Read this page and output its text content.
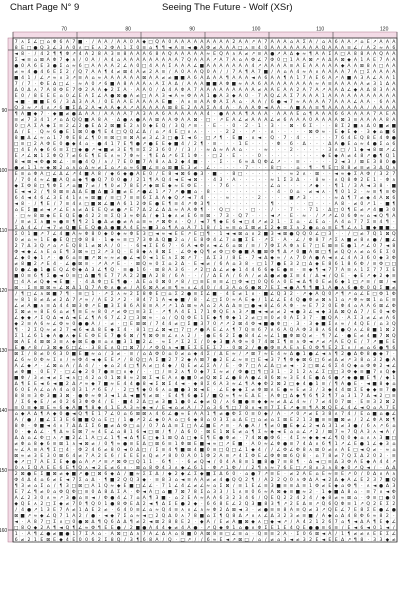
Chart Page N° 9	Seeing The Future - Wolf (XSr)
7 ∧ Σ ∠ □ ⌂ Φ 6 A 7 ■ · / A A / A A 0 A ◆ □ Q A 0 A A A A A A A A A 2 A A ↗ A 7 A A A ⌂ A Σ A / ⌂ A 6 A A ↗ ⌂ Ε ↗ A A A
8 Ε □ ● Q 3 ∠ 3 A 0 ∧ □ E ∧ 2 Φ A 1 Σ 0 ≡ ⌂ ¶ ¶ ◄ A ≡ ◄ ● A Φ ≠ A A A □ ∧ ≡ 4 0 A A A A A A A A Q A A A ≡ ∠ / A 2 ≈ A 6
◄ 8 · / 4 2 ¶ ¶ Φ ↗ 4 A 2 8 A 3 ≡ 8 A A A 6 8 A Q A A A A A ≈ Ε Q A ∧ A ≠ ↗ ≡ A ● ↗ A Δ ◆ ≈ ¶ A A Σ A □ A 8 8 A A Q A A
Σ ◄ ≡ ⌂ ⊠ A Φ 7 ◆ ∧ / 0 A / A 4 ⌂ A A A A A A A A A 7 Q A A A ↗ A 7 A ⌂ A Φ ∠ 7 Φ 0 □ 1 A A ⊠ ↗ A Δ A ⊠ ◆ A 1 A E 7 A A
● 0 A 6 E 3 ● Σ ⌂ ≈ 6 □ A A A A 2 ∠ A 0 □ 4 A A Σ A A A ∠ ■ A A A A A A A 4 ↗ A A A A ≡ A Ε A A A A A ◆ A A ⊠ 8 A □ A A
≠ ≈ 4 ● 4 6 Ε Σ 2 / Q 7 A A ¶ 4 ≠ ⊠ 4 A ≠ 2 A ≡ / A 0 A A Q 0 A / / 7 A ¶ A 7 ■ / A ⌂ A 4 ≈ A ∧ A A A A 7 A □ Σ A A A A
■ 4 1 / ∠ ↗ ≈ ∧ 3 ↗ ≡ A ⌂ ≈ A A A A A A ⊠ A A ≠ ≠ ■ ■ A 6 A Δ A A ¶ A A A ◄ A 6 A A ¶ A 1 7 A Ε 6 A ↗ A ■ A 3 A ∠ A A 1
7 / 7 · Φ E Δ □ ∠ · ≈ A 0 ↗ 6 ■ A 8 A A A ∧ A Σ A Δ / A A A ■ ■ A Φ ■ ≈ A A 6 A A A A A A A A ≈ A ≡ A A A A A ≠ 3 1 Δ A
Δ 0 Δ ∧ 7 A 8 Φ E 7 Φ 2 A A ◆ 2 Σ A · A A 0 / Δ 4 A Φ A 7 A A A A A A A A A ≠ A A Ε A A 2 A 7 A ↗ A A Δ ∠ ◆ A Δ 8 3 A A
Ε 0 / 8 E Ε Ε ⌂ 0 ∠ E A Σ ∠ A ● ⊠ ● A ≠ □ A A 3 ◄ A ≈ Φ A A 1 ● A 3 ◆ A 0 · 7 A Q ∠ A Σ 7 A A A 1 A A A A A A A A A A A
◄ ■ · ■ ■ E 6 / 3 Δ 3 A A / 0 E A A Ε A A A A E ■ · A ∧ ≡ A A Φ A Σ A ⌂ · A A / 6 ● ◄ 7 ≈ A A A A 7 A A A ∠ A A · 6 A A
Q 3 ≈ ↗ 4 ∧ ↗ 6 ■ Σ Δ 2 A ◄ A A ◆ A ↗ A A A A A ⊠ 8 E 2 A A Σ A 4 A · A A A Φ ◄ A A · A ■ A A ≡ ¶ A A A A A A / A A A A
¶ A ■ ◆ 7 · ◆ ■ ≠ ● Δ A A / A A A A 7 A 3 A A 6 A A A A A A 4 · ● A A A ¶ A A A · A A A E ⌂ ¶ A A A 6 6 A A A A 7 A Ε A
≡ ≠ 7 3 4 1 ↗ ⌂ Δ Q Q ■ A 8 A · Δ ● ∧ ● A A ⊠ A A Φ A A ⊠ · □ · ↗ Ε A ∠ ≠ A A A ∠ ≠ 6 A A A 0 A A A A ⊠ 3 ≡ A A A A 8 A
0 □ A Σ A ◆ Σ ≡ 2 ∠ 2 ● Ε Δ 2 ⊠ ■ E 2 ∧ 0 ◆ E Q / 3 Q ↗ ≡ · · Ε · · 0 · 2 · 1 · 3 · · ⊠ · 6 Σ · · · 8 Σ 2 ■ ∧ Δ 0 ■ ≠ ■
Δ / Ε · Q ≈ 6 ● Ε 1 ⊠ 0 ● ¶ E 4 □ Q Q ∠ Δ / ⌂ ↗ 4 Ε □ ∧ ∧ · · · · 2 2 · · ↗ · · ∧ · · · · · ⊠ Φ ≈ · Ε ◆ Ε ◆ · 3 ◆ ⌂ ■ 6
8 ■ Δ ∠ ≈ ⌂ 1 7 Φ E 8 ∠ ¶ 0 ≡ ⊠ □ ≡ ⊠ A ≠ 3 ∠ 3 □ ● Σ ◄ 6 · □ ↗ ¶ · Ε ■ · ∧ ◄ · Q · 7 · 4 · · · · · 7 6 4 E Q 8 Ε 4 Φ ●
□ ≡ □ 2 A Φ Ε 0 ● ◆ 4 ⌂ · ● 4 1 7 E ¶ ● ↗ ● E Ε ◆ ■ 4 / 2 ¶ · ≡ · · · 1 E · · · · Φ · 6 · Δ · · · Δ A ● Ε ⌂ ≈ 4 ● Σ ⌂ 6
□ 4 Ε A ◆ 6 6 ≡ Σ □ ◆ ● ↗ ◄ ■ ≠ 3 E ¶ ≡ Σ 2 3 6 0 / / 3 / · ≈ Δ ≈ A A ⌂ · · · ≈ · · · 2 · · · · · 3 ∧ □ / 1 ◆ ◄ 8 ⊠ ↗ ∠
E ↗ ∠ ⊠ 1 Σ Φ Q 7 ≠ 6 E ¶ Ε E ∧ ≈ 7 Φ ≈ · ¶ E Δ ↗ 6 Σ 1 Φ · · □ 2 · E · · · 0 · · · · · · · · · ◆ E ◆ A ≠ 4 8 ↗ ● ¶ Q 1
8 ◄ ⊠ ◄ Φ ● ⊠ ∠ · ≡ ● 4 Q / ∧ / 7 Ε 0 ■ 7 A 8 ∧ Δ 2 ◆ 4 ■ · · · Σ · · 6 ≈ Δ Q Φ ∠ ↗ · · ≡ · · · · · 2 ◄ 3 / ⊠ Ε 3 8 0 ●
● ≠ 1 1 ≈ ◆ ⊠ 2 ⌂ ∧ ⌂ Δ ≈ ≠ Σ ⌂ ↗ ⌂ ≈ 6 ■ ∠ ≡ ⌂ ⊠ ■ E 3 ≠ · ∠ · · · · · 7 · · · 8 □ · · ⌂ · ¶ · ¶ Ε □ 8 8 ≠ ≡ ≠ 3 Δ Q ∧
Ε ≡ ⌂ Φ A □ ∠ Δ ∠ ↗ 4 ■ A 8 / ◆ 6 ◆ ● A E 0 / E 8 ◄ ⊠ 6 ● 3 · ■ · · 8 □ · · · · · · · ≈ 2 ∧ · ⊠ · · ◄ ≈ ◆ Σ A Φ / 3 2 7
/ 7 0 4 ≈ ∠ ■ A Q ⌂ ◆ ¶ ● Q 7 0 0 ● / 2 1 ¶ A Q 4 ◄ E ◄ ⊠ · · 4 3 · A · · · · · ≈ 1 Σ 3 Δ · · 8 ≈ · ∧ Q 8 Φ 2 Ε 1 · Φ ∧
◆ Σ Φ 8 □ ¶ Φ Σ ↗ ⌂ ■ 7 ≠ / ¶ 0 ≠ 7 8 Ε ↗ ◆ ⊠ E ◆ ≈ Ε Φ E · · · 7 6 · · · · · · ∠ ⌂ · · · · ↗ ◆ · · ¶ 1 / 3 A ◄ 3 8 · ■
E ◄ ◄ 2 / ¶ 8 ⊠ ≡ Δ Δ E ■ Δ ■ 3 ■ ≠ Ε ↗ ● ∠ 1 ↗ 7 ↗ ● ■ ⌂ · 8 · · · · · · · · · · 4 · 0 ⌂ · ≠ ◄ ∧ · ¶ 0 1 2 · ≈ ≡ ¶ ≡ Φ
6 4 ◄ 4 6 ∠ 3 Ε 4 1 ∧ ≈ ⊠ ■ / ≡ □ 7 ≡ ≡ 6 Σ Δ A ◆ Q ↗ ◄ 7 4 · · · ≈ · · · · 2 · · · · ■ ↗ 3 · · · · ≈ Δ ¶ 7 ≠ ◆ 4 A ⊠ 6
◄ 8 · / ¶ Ε / 7 ≡ 4 ∧ □ ■ ⊠ ∠ ■ A 6 1 2 Φ Ε ● Ε ¶ ≡ 4 ↗ Φ 3 ¶ · · · · · · · · · ¶ · · · · · □ · · · A 8 · ≠ 0 ↗ 1 · ■ ¶
⌂ Ε Σ ■ ≠ ◄ ↗ ∠ E ∧ ≠ Δ E Ε Q ≠ ● ↗ E 7 Δ 2 ∠ Δ Δ ≈ A A Φ ¶ · · Q □ · · · □ · · / · · 7 · · 7 1 · Δ □ 0 ¶ Ε ≠ ↗ 4 ■ 3 0
· □ ≈ 8 ⊠ ◆ E Ε Q Ε ● 4 2 2 ≡ Σ Q 3 ≈ Φ Δ / ◆ 1 ◆ ∧ ≠ Ε 6 ≡ ⊠ · 7 3 · Q 7 · · · ◄ ↗ · Ε · ≈ · / ↗ ↗ ∠ 0 6 Φ ≈ ⌂ ◄ Q ¶ A
/ ≡ ≠ Σ ∧ ■ ≈ ● ≡ ¶ ¶ 2 1 ● Δ ≠ ● ≠ A ⌂ ≡ ≈ ↗ ⊠ Φ ∧ · Q / ◄ 7 ¶ ◆ Ε 6 ◄ □ 4 ↗ ≠ 2 1 · Σ ⌂ · ∠ Ε ⌂ · A 4 ⌂ 7 7 Σ ≡ 4 ¶ ·
Σ Δ 4 ∠ / ◄ 7 ≠ Q ■ E Ε Q ● Δ ● ■ A 4 Ε ≈ ■ 3 ⌂ ¶ A ⌂ A 7 1 8 / 1 ≈ ≡ ⌂ Σ ⊠ ≠ Σ 2 ◆ ⊠ Σ ∧ 2 ● ⌂ ⌂ ≡ Ε ¶ ∠ ∧ 1 ■ ◆ ■ ■ ·
Σ 0 1 ■ ↗ 7 ∠ 4 ■ A ≈ Φ 8 0 ◆ 0 ◆ ≈ Φ Ε 3 □ ◄ ≈ ◄ Ε Ε ↗ Ε □ ¶ · 1 ◄ ◄ ⊠ ⌂ ∧ 2 ■ 3 ◄ ⊠ ● Q Q 0 ∠ □ 3 · · / □ ≠ 7 Q 1 ⊠ Q
0 ≠ ⌂ ≈ 1 Ε ● Ε Q □ Φ 8 8 · 1 ◆ ≈ ≡ □ 7 3 Φ Δ Q ■ 2 ⌂ / Ε 8 Φ 4 ∠ 7 ⌂ ■ Σ Ε · ↗ Σ · A · ∠ / Φ 8 7 ↗ Σ ∧ ■ ≠ 8 ∧ ● / ■ ∠
2 7 Δ 3 Q ↗ ⌂ ↗ Ε Q 8 1 ≠ ⊠ A / 0 · · 6 ◄ Σ E 6 7 · 6 A ◄ Φ ∧ ◄ ∠ 6 ⌂ ⊠ / ≡ / 7 Φ Σ A Φ ∧ E 7 □ Ε ⊠ ≡ E ● 1 ↗ ∠ 0 7 ◄ 8
Φ ◄ ◆ ∠ ∧ Ε ⌂ Ε ¶ 3 ⊠ ≈ □ 2 ↗ 3 Q · E 8 ◆ ∧ 8 ⊠ Σ · ∠ Φ ◆ Q ¶ ≠ Φ □ Φ ● ■ A ■ ⊠ Φ ¶ Δ ↗ 0 ■ A ⊠ □ ¶ ≠ Q Q ∧ ≠ ⌂ 6 E Σ 0
∠ ◆ 0 ◆ 1 ↗ · ● 6 ⌂ ≡ ■ ↗ ⊠ ≈ ≈ ≠ ● ∠ ◄ 0 ◄ 1 E ∧ Σ ⊠ ↗ 7 · Δ Σ 3 / 8 Ε · 7 ◄ Δ ◆ ≈ / ∧ 7 0 A ● A ◄ ∧ ∠ 4 A 3 6 0 ◆ 3 Φ
≠ 8 ■ 2 ↗ E 4 · ∠ ● ⊠ ≡ · ↗ A ↗ Ε · · ⊠ Q ≈ 0 Σ ⌂ 2 Δ · E ◄ ≠ / 6 A ⌂ 3 8 · □ 1 7 ● Ε 3 2 □ Δ ◆ E 8 6 1 8 6 Φ / ≡ Φ □ □
0 ● ∠ ● 1 ● E Q ∠ Φ ◆ Δ 3 ∠ ¶ Q · ≡ ● 1 6 · ⊠ 8 A 3 6 · ↗ 2 □ Δ ∠ ≠ ◆ 1 4 4 6 6 ◆ Ε ● ≡ · ≡ ◆ ¶ ◄ 7 7 A ≡ ∧ 1 Σ 7 7 Σ E
■ 0 ≡ 6 ¶ Σ ● ◄ 0 ≡ □ Δ ■ ¶ E 7 7 A 2 2 ■ A 2 8 / 6 A · · / / Δ E A / 6 A / ≠ Δ ● ≠ ● Σ ≡ 4 / Δ ◄ / Q E · ◆ Ε ↗ ◆ 2 ◆ ≡
□ 4 A ≠ Q ◆ ◄ E ■ · · 4 Δ Φ □ E ¶ ● · Δ Ε ⌂ 0 ⊠ 0 ↗ 8 / □ ≡ Ε ≡ ≡ ∠ □ Φ ◄ □ 0 Q 6 ∧ 0 E ◄ Δ ¶ 0 Ε ≠ 6 ◆ 1 □ ↗ ≡ / ⊠ / ◄
⊠ · Σ ≡ ⊠ ⊠ ≈ ∠ ⊠ Δ 1 Q 7 A Φ ∧ ● ≠ / A 6 ⊠ A ≠ ≡ ¶ ≈ ∧ ∠ 4 0 / 4 3 A ⌂ 6 ● ⊠ 7 E Σ ◄ ● A ¶ ¶ ■ 1 A ● ∧ 6 ● Φ 0 Q Σ ■ ≠
/ ¶ □ ∠ ∧ ⊠ ■ 7 ¶ · ≡ □ 1 · ↗ Σ ∧ ≈ 2 Σ 8 Φ Ε □ ⌂ Σ 2 ● ≡ Σ ∠ ■ · 4 E ≠ 1 ∧ · ■ ∠ Q 3 2 · ↗ ◆ A Q 0 ↗ ¶ ↗ ⌂ ∠ Ε □ Φ 1 Φ
≈ 8 1 8 ≠ Δ ≠ 2 Δ 7 ↗ ≈ / A Ε 2 ↗ 2 · 8 4 7 1 A ◄ ◆ ■ / 8 · ∠ □ Σ 0 ≈ A Ε ◆ / 1 ∠ ∠ E 4 Q ● Φ ≠ ⊠ ∧ 1 ⌂ ↗ Φ ≈ ⊠ 1 ⌂ E ≡
∠ ≠ A ■ ∧ ≡ Δ 4 4 ⊠ 3 Φ ↗ E ■ 3 Σ 8 6 A 8 ≡ A ↗ ↗ 1 Δ ⊠ ≈ A ⌂ 2 A Δ Δ ≡ □ ● ◄ 8 ∠ 6 A Φ · ≈ Ε 7 2 0 Ε Φ 4 ⌂ A A 6 ⊠ ∠ Φ
Σ ⊠ ≠ ≈ 8 Ε 6 ⌂ ≠ ¶ ≡ Ε ≈ 8 0 ↗ ≠ Φ □ ≡ 3 Σ · ↗ ¶ A 4 Ε 1 7 1 Φ Q E ∧ 3 ↗ ■ ◄ ◄ ≠ ≠ 2 ◄ ● 3 ∠ ◄ ◆ 3 Δ ⊠ Q Δ 7 / Ε 0 ◄ Φ
∠ ◆ ◆ ↗ Σ Q Δ ◄ Δ ◄ E ∠ ¶ A 6 7 ∠ 2 □ 3 ⊠ ≈ · ⌂ / Q Q Φ Ε 1 Ε ◆ ¶ Φ ◆ 1 2 ≠ □ ≡ 0 ≠ 0 A Σ 3 7 · ■ Q A · A Σ 3 ≠ ∠ ≠ A 6
◆ 2 ≡ A 6 ≈ ∠ Φ ≈ 0 ● ● A / · ≠ · □ Ε ⊠ ⊠ / 7 4 4 ≠ □ Σ ■ 3 7 0 ↗ ↗ 2 ⊠ 4 Φ ◄ ■ ● Φ □ · 3 · 3 ◆ ■ Σ ∧ ≈ / 4 Q Ε / ⌂ 3 Q
¶ · 2 Σ Q ≈ ≠ 2 7 ◄ 6 ◄ Δ 8 E ◆ Σ 4 · 8 1 □ ∠ ⊠ ◄ □ 7 □ ↗ ● A Ε ∠ ∧ ¶ 7 Q ≡ 6 7 ∧ 6 A Q A Φ 3 8 ∧ 6 4 ● Q ∧ ∠ 8 ■ 1 ⊠ 2
Σ 1 ∠ 6 1 ◆ A ● ∧ ◆ Ε Ε Φ E E 7 ● 6 ⊠ / ¶ ⊠ Φ ≡ ∠ ∧ ∧ 2 / · ● Ε 6 2 Σ ● 8 4 ∠ ≈ ∠ 1 ■ Φ ⊠ Q ≠ · ¶ 7 ∠ · ● Ε ≠ 4 ■ 7 ⊠ Q
⊠ A Ε 4 ⊠ ⊠ 3 ≡ ∧ ◆ ⊠ E ● ≡ ⌂ ∧ ■ 3 1 ■ 2 ∠ · ≈ Σ ↗ Σ 2 Σ / 0 ◆ 3 ■ A Φ ≈ 0 7 4 ⊠ Σ ¶ ≡ ∧ Φ ◄ ↗ ≠ ↗ A Ε Q E / 7 ↗ ■ E E
Ε ● ↗ 8 / 3 ⊠ ◆ 6 □ ∠ · 3 8 E ∧ Q □ ⊠ 7 / ↗ Φ Q ∧ ◄ ■ E Σ E E Σ 7 · 0 ⊠ 2 / ● ● Φ ≡ A E ∧ E 0 Φ ¶ Ε 2 Σ ∧ / ≠ ⌂ 6 ● ¶ 6
⊠ Σ / 8 ≠ 0 6 3 0 ■ Ε ■ ≈ ⌂ / 3 ≠ · ≡ / ⌂ Δ Φ 0 ⌂ 0 ≠ ⌂ ◆ 4 Σ / Δ E ≈ / ↗ ⊠ 7 ≈ E 4 ≈ Δ ● 1 ● ∠ ◄ ∧ ¶ 2 ● Δ Φ 8 ● ◆ 7 ·
∠ 6 ≈ 0 Φ ≈ Σ ∧ / ≈ Φ 4 ◄ ◆ Ε Ε ↗ / 8 Q □ A Σ ■ 2 7 2 ◆ A ⊠ 7 ● 2 E ∠ ≈ ≡ □ Ε ◄ 3 7 ¶ Φ ◆ ⊠ 6 □ 6 ≠ Δ ≠ ↗ 3 8 ⌂ 3 2 ● A
A ∠ ◆ ↗ · ∠ ⊠ ⌂ A / Δ 4 / · ◆ ⌂ 2 4 □ ¶ A ≠ □ 4 ◆ / Q Ε ≠ ∠ Σ A / Ε · Φ 7 □ A ∠ Δ □ ≠ ◄ · 2 □ ⊠ ∠ 6 Σ 4 Q ◆ ⌂ Φ Φ 2 ◄ ∠
≠ Φ ■ · 0 E 7 · □ ∠ ◆ 2 0 7 ● ≡ □ ∧ ◆ / · · □ / ≡ 2 ∧ ¶ 0 ◆ 7 Σ ≈ ≠ / Φ ● □ ¶ □ 3 1 · 2 1 2 ∧ ∠ Σ □ □ 3 Φ ◆ ≡ ■ 7 ∧ Q ◆
■ Φ / 3 ≠ ◄ ≠ Σ ◄ ∧ □ 4 2 ⌂ 0 1 ⊠ 8 ≈ 2 ⊠ Σ ◄ E A ∧ ● ■ 0 ≠ Q ⊠ Σ ∠ ● 8 A ● ∠ 8 6 ⊠ ≈ 3 E 4 Ε ● Δ 6 ● ↗ ◆ ● ■ Ε ¶ / ◆ 1
Δ ¶ Ε Ε ◄ 6 ◄ ■ 2 Δ ↗ ≈ ◆ 7 ■ ≈ Ε 4 4 ● 8 ◄ Σ ⊠ Σ 4 ◄ · ◆ 8 Σ 6 A 3 ≈ ∠ ¶ A ◆ Φ 2 ⊠ 2 □ ◆ 4 ● 1 ≡ / ¶ A ● E · ◄ ■ 8 ◆ ⌂
6 0 Ε A ∠ ⌂ A 4 ⌂ 0 3 1 ↗ 6 E / · 2 □ ¶ ◆ 0 6 ∧ ⌂ ■ ● 3 ⊠ ◄ Ε · ∠ E ◆ ◆ Σ ≠ Φ ⊠ ∧ E ● ≈ E ≠ 3 / 3 ◆ 4 4 ⊠ Σ Ε ◆ ◆ ≡ 7 ●
8 8 ≡ 3 Φ 3 ■ 3 ⊠ · ● Φ ≈ Φ 3 ◄ 1 Δ ◄ ■ ¶ ≠ ⊠ · E 4 ¶ 6 ● Σ / ■ Q ≈ ¶ ≈ Ε Δ Ε · A Φ □ Δ ◆ ¶ 6 ¶ 2 ¶ 7 ⌂ 3 1 7 Δ ◄ 2 □ ≡
/ Σ 6 ◆ Ε / ≠ 0 2 6 3 Φ Φ 4 / E · ■ 4 2 Δ □ ≠ 3 ■ 1 ● 0 ∠ ◆ ≠ Q / ∧ 6 ■ ● ≡ ◆ ◆ ≈ ≠ Δ ∠ 4 ≈ / 7 ≠ 4 0 7 ⊠ · Ε ≡ 3 2 ⊠ 2
≡ 0 ≡ ◆ ⊠ Ε ≈ 6 ◆ A ■ ¶ 8 ◆ 4 1 E A 3 ≈ ◆ ◄ / Ε ◄ ⌂ ≠ A / 7 ⌂ 3 6 ¶ □ 7 8 ∧ ◄ ≡ 7 Σ Ε ↗ ◆ ≡ ¶ A ⊠ Q Ε ∠ 4 ∠ ◄ Q ⌂ A 7 Ε
⌂ ◆ A Δ ¶ A ◆ 0 ● ◄ Q ¶ E 1 7 ∠ 0 ⌂ 6 ⊠ ⊠ ∧ 4 6 ∠ ● ≈ Ε A A 1 ¶ ≠ ● Φ Σ 0 ≡ 0 ◆ / A · ↗ 0 ↗ ≠ Ε 3 8 ∧ 7 4 / Ε ⌂ ■ ⌂ ● ∠
A / ● / ■ ∠ Σ 3 E 6 ■ ■ Q ⌂ E □ / 1 ● ↗ 2 ∠ ◆ 0 A ⌂ □ 6 ◆ 8 ⌂ 0 3 Σ ⌂ Δ Ε □ ⌂ ≠ ⌂ Σ ⊠ E 2 1 3 ■ ≡ ≡ ■ ⊠ ≠ / 2 ∠ Φ A ⊠ ¶
8 Φ · Φ ■ ◄ 4 ∧ 7 Δ Δ Σ Σ 6 ■ ≠ Δ Φ □ ⌂ / 0 7 Δ Δ ≡ Σ □ A ∠ ■ Ε ↗ ≡ · A ● A / ¶ ≠ 0 ■ E ◆ ∠ 2 ◄ Δ 3 1 ≠ 3 ● / 6 ∧ ↗ 6 ⌂
0 · ◆ Δ ∠ · ¶ Δ ≈ E ⊠ 7 ≈ 4 E ∠ ⌂ 8 1 6 ◄ □ ⊠ / ¶ / Δ 6 0 · ⊠ E 1 ⊠ Ε ≠ ⌂ ¶ Σ ≈ ◆ ◄ E ⌂ ⌂ ∠ ↗ 2 / ⊠ 7 ≈ 7 Q A 3 ∧ ◄ A /
Δ Δ ⌂ ∠ Φ □ ∧ ↗ ■ 2 ∠ 1 A □ ∠ 1 ¶ ◄ Δ ¶ Ε □ ◆ 1 ⊠ Q Δ □ ◆ E ¶ Ε ● Φ ≠ · 7 4 ⊠ ● Φ 6 · 4 Σ ≈ ◆ ◆ ◄ ∠ ¶ Q 0 ◆ ⌂ ∧ ∧ 3 ■ □
≠ Φ ⌂ 8 ◆ 6 ≡ ⊠ 1 ∧ ◄ ⊠ ≠ / 0 ¶ ≈ ● ≡ Ε Δ □ ⊠ 6 ≡ 1 Φ ⊠ E ■ ◄ ≈ □ ↗ Ε ■ · A 0 ≈ ∠ Φ ● ≡ 7 4 Δ ∧ 6 ¶ 1 ↗ ∠ E ● 1 ∠ ◆ 3 ⌂
≈ ∠ A ≡ A ¶ Σ □ 4 · Φ 2 4 6 ≠ 8 0 ◄ 0 Δ □ / Σ ≡ 4 ¶ ■ ⊠ 4 ■ 0 ≡ □ Q □ ∠ 1 ◆ 4 / / ∠ Φ ∠ Φ 8 ∧ ⊠ 0 ≠ ∧ A Ε □ ◄ Q ≠ · ≈ ⌂
⊠ ≈ ≠ 3 E 3 0 ⊠ 6 4 ≠ 7 A 2 Ε 6 / Ε E E ∧ Q ≠ ↗ 8 0 0 A 0 1 Φ 2 A ≡ ↗ 4 Σ Φ E ∠ Φ Φ ⊠ 6 Q 8 · ⌂ 7 8 ≠ 7 Q Σ Δ 2 0 2 · ≡
◆ ↗ □ 7 A Ε Σ E ◆ ● ⌂ A ↗ ↗ ≡ ↗ ⊠ Φ □ Q 1 1 · 6 ¶ · · 6 ≠ Q ◄ / 0 4 A 8 ≡ 1 ■ 8 ● 7 ≡ 8 ¶ · Δ ◄ □ ≡ Δ 3 Φ A Ε ◆ A 4 4 ↗
0 ∧ Σ Q A Ε E 6 Ε ¶ Q ∧ ◄ 2 Ε ≠ 6 ∧ · ⊠ ⌂ 8 Φ 4 3 ∧ ◆ ∠ 6 1 · Φ ↗ 1 Φ / / 2 ¶ ∧ ≈ 7 6 Ε □ ↗ 8 ∧ 3 ∧ 8 ◆ 0 ↗ Q ◄ / · Δ Δ
2 ⊠ ● E Σ ■ ⊠ ≠ ◆ ■ ↗ ● □ ⊠ 6 ◆ Δ / ■ ≈ Σ Σ Δ / ◆ 2 ◆ ∠ Σ ◆ ■ Σ Δ 6 0 · ⌂ ● 7 ↗ ≡ E · ≠ 2 A E ⌂ Ε ≈ ≡ Ε ↗ 0 / 0 Δ ∧ A ∧
Φ 4 Δ 4 ⌂ 6 ≠ E ◄ 7 Σ ⌂ Δ · ¶ ■ 2 Q Q 3 ◆ · ≡ 8 3 ⌂ ◄ ≡ A A ≠ ≠ 4 ● Q Q 2 ¶ / A 2 2 Q 0 ∧ Φ Δ A ◄ 2 Δ ◆ A ∠ Ε 2 3 7 ■ Q
¶ 3 ≠ ⌂ Σ ⌂ / ¶ 3 □ ⊠ □ A 1 Q ≈ ◆ E ■ □ ∠ ∠ · 7 1 ∠ 4 ∠ ≠ ∠ ≈ ⌂ Σ ⊠ / ≡ 1 E ∠ ≡ 3 ■ ≡ ≡ Δ ≡ 1 Φ ≠ Ε ◆ ⌂ Φ ¶ · ∧ ◄ ● Δ 3
Ε 7 ∠ ¶ ≠ 0 ⌂ Φ Q Φ □ ≡ 0 Δ 8 Δ Σ A · Φ ◄ A □ ⌂ ■ 7 ⊠ 7 8 Σ ⌂ 3 3 / 1 ∧ ≡ 0 6 ≈ A ⊠ ◆ ≡ ■ ≈ 2 · 1 ◆ ■ Δ 8 ⌂ · ≡ 7 ∧ ◄ Φ
A ∠ 2 3 0 ∧ ≈ ↗ 3 ● ⌂ ≡ ◄ / Φ ● 4 ∠ 7 ⌂ A ¶ 3 ■ · ⌂ 2 E A ≈ A A 6 3 2 3 4 6 / Q Ε Q 2 2 4 2 4 / ◆ 8 ≠ ≈ ⊠ ⌂ · Φ ≡ □ ● 0
◆ Q E ∧ 2 □ Σ ◆ ≠ 7 0 ¶ Q 0 1 ● 8 Φ Ε Δ 2 ◄ ¶ Δ Σ Ε ● 2 ◆ · 6 6 8 E ∠ 2 Q 3 ■ 8 3 ¶ ↗ 2 Ε Δ ≡ ↗ Q 6 Q Φ ≡ 1 ↗ Q 2 E Σ 2
/ 4 ● ↗ 1 3 E 7 A ≠ 1 Δ Ε 2 ≠ · 6 4 0 ≡ ∠ ⌂ ≈ Q 4 ≡ ∧ ∧ ∠ ∧ ≈ Φ 2 Δ ⊠ ◄ 3 · ≠ ● ≡ ≡ 8 A ≡ Q ≠ 3 ↗ Q Ε ∠ 7 Ε 8 Σ E ● ∠ ●
⊠ ■ ↗ ≈ ◆ ∠ Q 7 1 A 2 / ● · ◄ ◆ 7 Σ ⌂ ≈ ◄ □ 2 Q Δ 0 ∧ 7 8 ■ ⌂ Σ ¶ Q 8 Δ ↗ ∧ ∧ ∠ Δ 3 2 3 ≠ ≡ ■ / A ◆ ⌂ Δ 4 8 Φ 6 ≈ 8 2 ·
◄ · A 8 7 □ Σ ∧ □ 0 ● ⊠ Δ ¶ Q 6 Δ Δ ¶ ≠ 2 ◄ ⊠ 2 8 8 E 2 · ◆ A / Ε ≠ A ■ ⊠ ◆ ∧ □ ◆ ◄ ↗ / A 4 2 1 2 6 7 ⌂ ¶ ◄ Δ A ¶ Ε ◆ ∠
□ 8 Q ◆ 2 A ¶ ◄ Q ¶ ∠ ≈ Φ ¶ E E ● / 2 ■ ● A 4 4 ◆ ≠ 4 A ● · ↗ Q ◆ Φ 1 ⌂ ● ∧ Φ Σ Ε 1 Ε 4 Q E ● ● ≡ 6 ≡ / E ◄ 6 ◄ 0 1 ◄ /
1 · A ¶ ∠ ● ≠ ■ ● 1 7 Σ A ⌂ · A ⊠ □ Δ ∧ 7 A ∠ Δ A ⌂ 8 ■ 0 A ⊠ 8 ≡ □ ∠ ≡ ⌂ · Q ≡ ≡ 2 A · Σ 0 6 ⊠ ◄ A / 1 ¶ ≠ ≠ ∧ E Ε Σ ∠
6 ≠ 2 1 Ε ⊠ Ε ◆ 4 E 0 0 6 2 Σ 8 Q / 3 ¶ 6 8 A / Q · □ ↗ / / 6 ≈ E ◄ ↗ ⊠ □ / ⌂ / ≠ ⌂ 3 ◄ ≠ 3 2 E ◄ Ε Ε Δ ↗ ¶ 8 · 3 3 ◆ ≠
70	80	90	100	110	120
90
100
110
120
130
140
150
160
